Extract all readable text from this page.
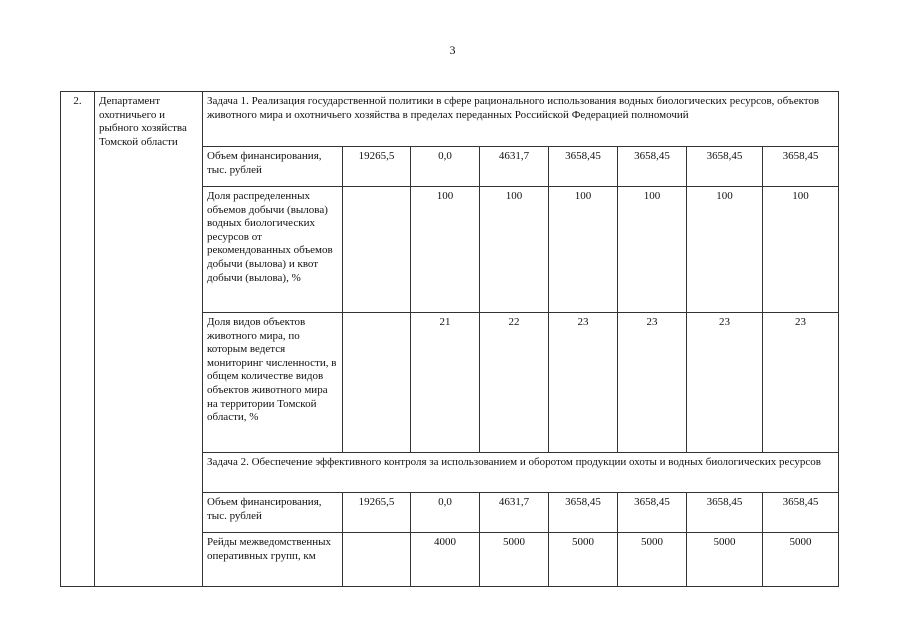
3
2.	Департамент охотничьего и рыбного хозяйства Томской области	Задача 1. Реализация государственной политики в сфере рационального использования водных биологических ресурсов, объектов животного мира и охотничьего хозяйства в пределах переданных Российской Федерацией полномочий							
		Объем финансирования, тыс. рублей	19265,5	0,0	4631,7	3658,45	3658,45	3658,45	3658,45
		Доля распределенных объемов добычи (вылова) водных биологических ресурсов от рекомендованных объемов добычи (вылова) и квот добычи (вылова), %		100	100	100	100	100	100
		Доля видов объектов животного мира, по которым ведется мониторинг численности, в общем количестве видов объектов животного мира на территории Томской области, %		21	22	23	23	23	23
		Задача 2. Обеспечение эффективного контроля за использованием и оборотом продукции охоты и водных биологических ресурсов							
		Объем финансирования, тыс. рублей	19265,5	0,0	4631,7	3658,45	3658,45	3658,45	3658,45
		Рейды межведомственных оперативных групп, км		4000	5000	5000	5000	5000	5000
